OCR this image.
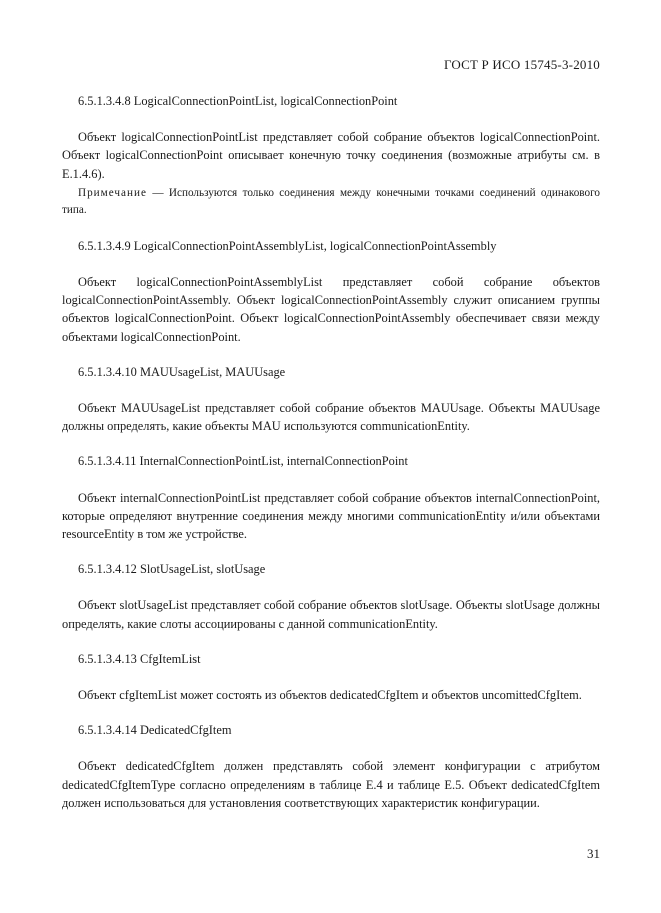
ГОСТ Р ИСО 15745-3-2010

6.5.1.3.4.8 LogicalConnectionPointList, logicalConnectionPoint

Объект logicalConnectionPointList представляет собой собрание объектов logicalConnectionPoint. Объект logicalConnectionPoint описывает конечную точку соединения (возможные атрибуты см. в Е.1.4.6).

Примечание — Используются только соединения между конечными точками соединений одинакового типа.

6.5.1.3.4.9 LogicalConnectionPointAssemblyList, logicalConnectionPointAssembly

Объект logicalConnectionPointAssemblyList представляет собой собрание объектов logicalConnectionPointAssembly. Объект logicalConnectionPointAssembly служит описанием группы объектов logicalConnectionPoint. Объект logicalConnectionPointAssembly обеспечивает связи между объектами logicalConnectionPoint.

6.5.1.3.4.10 MAUUsageList, MAUUsage

Объект MAUUsageList представляет собой собрание объектов MAUUsage. Объекты MAUUsage должны определять, какие объекты MAU используются communicationEntity.

6.5.1.3.4.11 InternalConnectionPointList, internalConnectionPoint

Объект internalConnectionPointList представляет собой собрание объектов internalConnectionPoint, которые определяют внутренние соединения между многими communicationEntity и/или объектами resourceEntity в том же устройстве.

6.5.1.3.4.12 SlotUsageList, slotUsage

Объект slotUsageList представляет собой собрание объектов slotUsage. Объекты slotUsage должны определять, какие слоты ассоциированы с данной communicationEntity.

6.5.1.3.4.13 CfgItemList

Объект cfgItemList может состоять из объектов dedicatedCfgItem и объектов uncomittedCfgItem.

6.5.1.3.4.14 DedicatedCfgItem

Объект dedicatedCfgItem должен представлять собой элемент конфигурации с атрибутом dedicatedCfgItemType согласно определениям в таблице Е.4 и таблице Е.5. Объект dedicatedCfgItem должен использоваться для установления соответствующих характеристик конфигурации.

31
